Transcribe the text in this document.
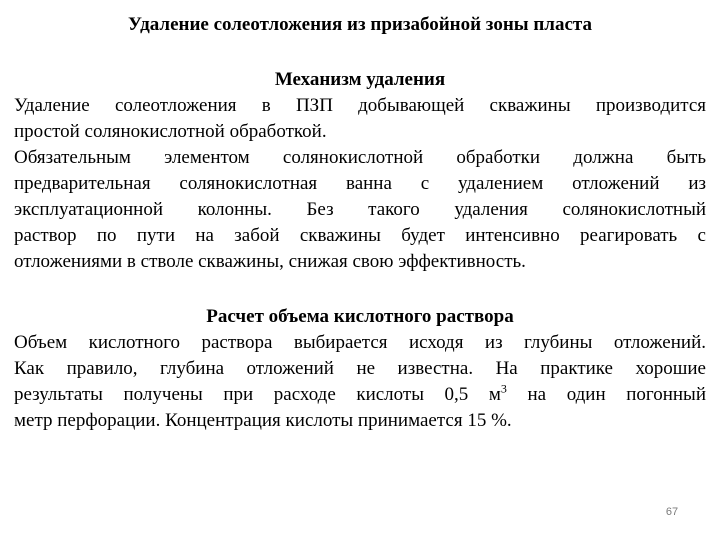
Удаление солеотложения из призабойной зоны пласта
Механизм удаления
Удаление солеотложения в ПЗП добывающей скважины производится
простой солянокислотной обработкой.
Обязательным элементом солянокислотной обработки должна быть
предварительная солянокислотная ванна с удалением отложений из
эксплуатационной колонны. Без такого удаления солянокислотный
раствор по пути на забой скважины будет интенсивно реагировать с
отложениями в стволе скважины, снижая свою эффективность.
Расчет объема кислотного раствора
Объем кислотного раствора выбирается исходя из глубины отложений.
Как правило, глубина отложений не известна. На практике хорошие
результаты получены при расходе кислоты 0,5 $м^3$ на один погонный
метр перфорации. Концентрация кислоты принимается 15 %.
67
